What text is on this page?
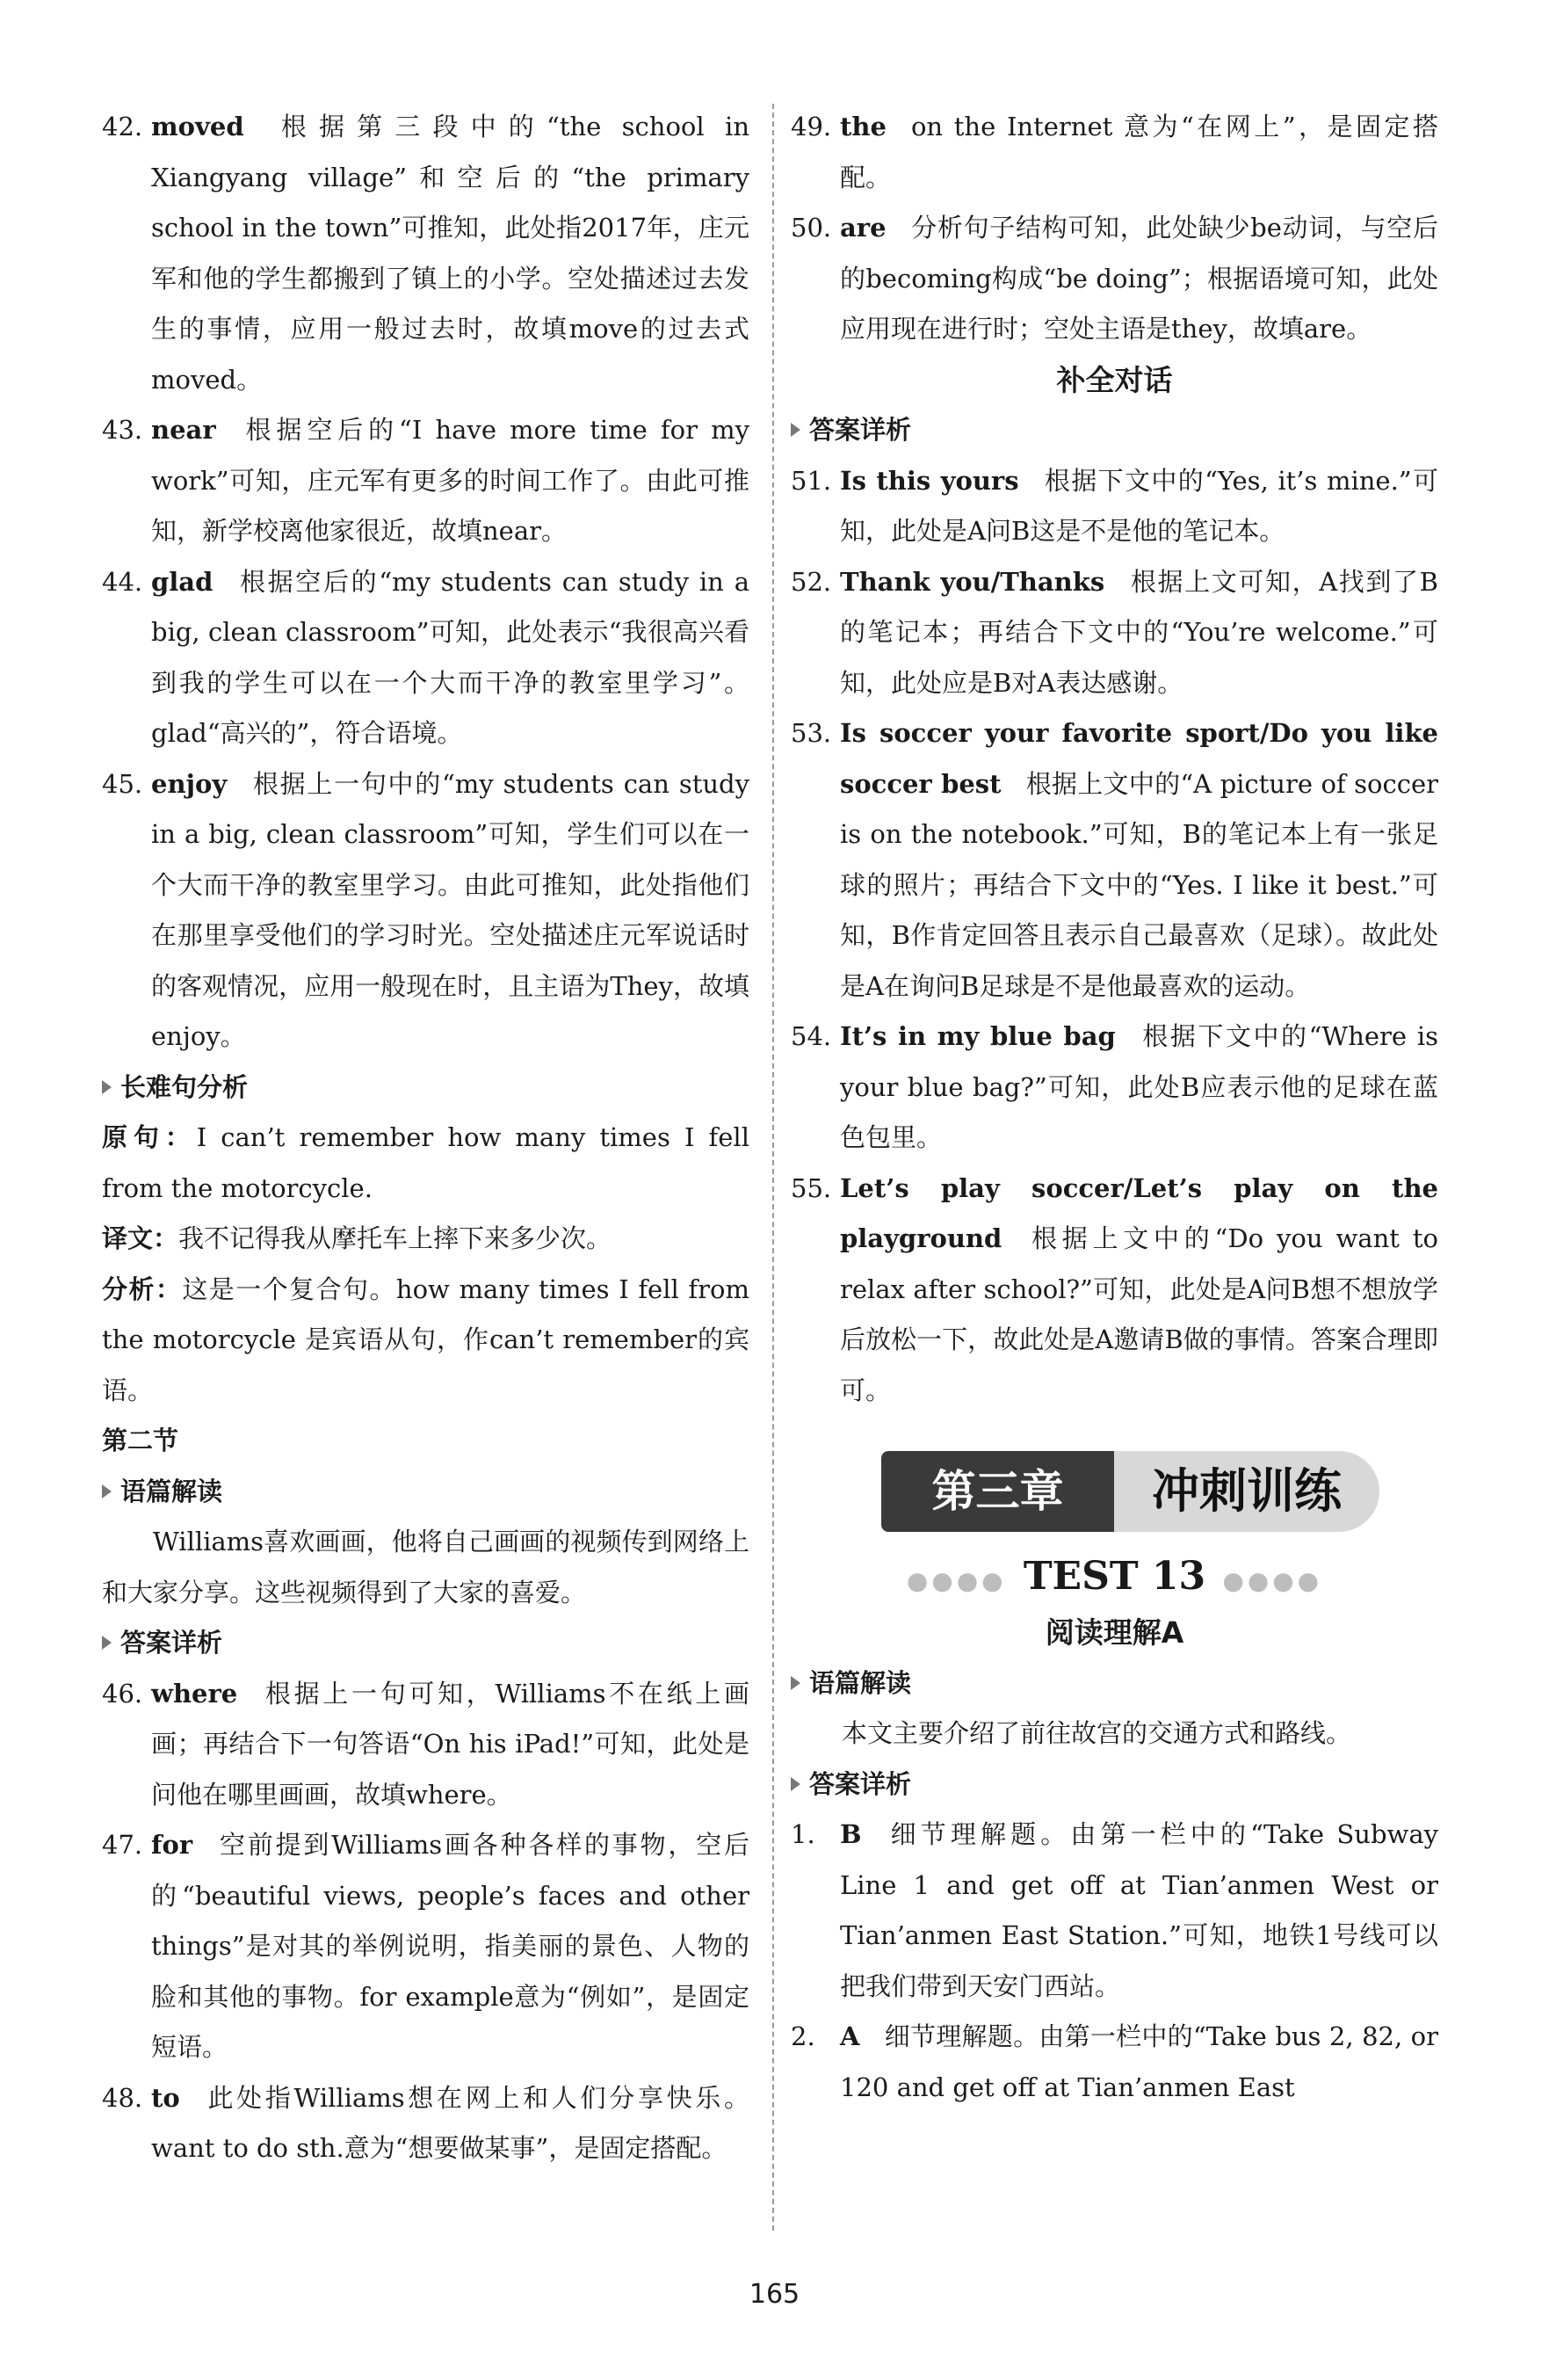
42. moved 根据第三段中的“the school in Xiangyang village”和空后的“the primary school in the town”可推知，此处指2017年，庄元军和他的学生都搬到了镇上的小学。空处描述过去发生的事情，应用一般过去时，故填move的过去式moved。
43. near 根据空后的“I have more time for my work”可知，庄元军有更多的时间工作了。由此可推知，新学校离他家很近，故填near。
44. glad 根据空后的“my students can study in a big, clean classroom”可知，此处表示“我很高兴看到我的学生可以在一个大而干净的教室里学习”。glad“高兴的”，符合语境。
45. enjoy 根据上一句中的“my students can study in a big, clean classroom”可知，学生们可以在一个大而干净的教室里学习。由此可推知，此处指他们在那里享受他们的学习时光。空处描述庄元军说话时的客观情况，应用一般现在时，且主语为They，故填enjoy。
长难句分析
原句：I can’t remember how many times I fell from the motorcycle.
译文：我不记得我从摩托车上摔下来多少次。
分析：这是一个复合句。how many times I fell from the motorcycle 是宾语从句，作can’t remember的宾语。
第二节
语篇解读
Williams喜欢画画，他将自己画画的视频传到网络上和大家分享。这些视频得到了大家的喜爱。
答案详析
46. where 根据上一句可知，Williams不在纸上画画；再结合下一句答语“On his iPad!”可知，此处是问他在哪里画画，故填where。
47. for 空前提到Williams画各种各样的事物，空后的“beautiful views, people’s faces and other things”是对其的举例说明，指美丽的景色、人物的脸和其他的事物。for example意为“例如”，是固定短语。
48. to 此处指Williams想在网上和人们分享快乐。want to do sth.意为“想要做某事”，是固定搭配。
49. the on the Internet 意为“在网上”，是固定搭配。
50. are 分析句子结构可知，此处缺少be动词，与空后的becoming构成“be doing”；根据语境可知，此处应用现在进行时；空处主语是they，故填are。
补全对话
答案详析
51. Is this yours 根据下文中的“Yes, it’s mine.”可知，此处是A问B这是不是他的笔记本。
52. Thank you/Thanks 根据上文可知，A找到了B的笔记本；再结合下文中的“You’re welcome.”可知，此处应是B对A表达感谢。
53. Is soccer your favorite sport/Do you like soccer best 根据上文中的“A picture of soccer is on the notebook.”可知，B的笔记本上有一张足球的照片；再结合下文中的“Yes. I like it best.”可知，B作肯定回答且表示自己最喜欢（足球）。故此处是A在询问B足球是不是他最喜欢的运动。
54. It’s in my blue bag 根据下文中的“Where is your blue bag?”可知，此处B应表示他的足球在蓝色包里。
55. Let’s play soccer/Let’s play on the playground 根据上文中的“Do you want to relax after school?”可知，此处是A问B想不想放学后放松一下，故此处是A邀请B做的事情。答案合理即可。
第三章	冲刺训练
●●●● TEST 13 ●●●●
阅读理解A
语篇解读
本文主要介绍了前往故宫的交通方式和路线。
答案详析
1. B 细节理解题。由第一栏中的“Take Subway Line 1 and get off at Tian’anmen West or Tian’anmen East Station.”可知，地铁1号线可以把我们带到天安门西站。
2. A 细节理解题。由第一栏中的“Take bus 2, 82, or 120 and get off at Tian’anmen East
165
